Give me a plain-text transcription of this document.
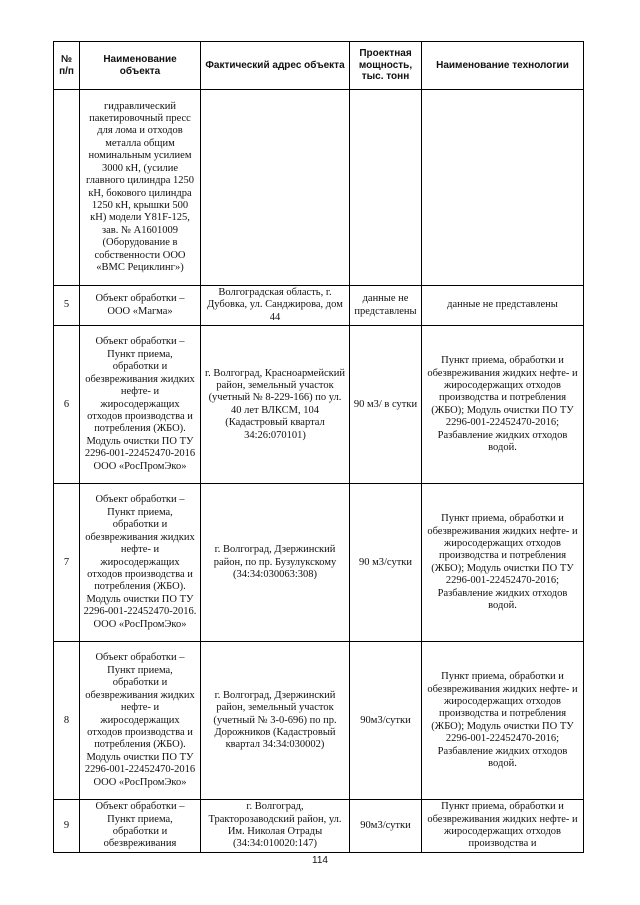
№ п/п	Наименование объекта	Фактический адрес объекта	Проектная мощность, тыс. тонн	Наименование технологии
	гидравлический пакетировочный пресс для лома и отходов металла общим номинальным усилием 3000 кН, (усилие главного цилиндра 1250 кН, бокового цилиндра 1250 кН, крышки 500 кН) модели Y81F-125, зав. № A1601009 (Оборудование в собственности ООО «ВМС Рециклинг»)			
5	Объект обработки – ООО «Магма»	Волгоградская область, г. Дубовка, ул. Санджирова, дом 44	данные не представлены	данные не представлены
6	Объект обработки – Пункт приема, обработки и обезвреживания жидких нефте- и жиросодержащих отходов производства и потребления (ЖБО). Модуль очистки ПО ТУ 2296-001-22452470-2016 ООО «РосПромЭко»	г. Волгоград, Красноармейский район, земельный участок (учетный № 8-229-166) по ул. 40 лет ВЛКСМ, 104 (Кадастровый квартал 34:26:070101)	90 м3/ в сутки	Пункт приема, обработки и обезвреживания жидких нефте- и жиросодержащих отходов производства и потребления (ЖБО); Модуль очистки ПО ТУ 2296-001-22452470-2016; Разбавление жидких отходов водой.
7	Объект обработки – Пункт приема, обработки и обезвреживания жидких нефте- и жиросодержащих отходов производства и потребления (ЖБО). Модуль очистки ПО ТУ 2296-001-22452470-2016. ООО «РосПромЭко»	г. Волгоград, Дзержинский район, по пр. Бузулукскому (34:34:030063:308)	90 м3/сутки	Пункт приема, обработки и обезвреживания жидких нефте- и жиросодержащих отходов производства и потребления (ЖБО); Модуль очистки ПО ТУ 2296-001-22452470-2016; Разбавление жидких отходов водой.
8	Объект обработки – Пункт приема, обработки и обезвреживания жидких нефте- и жиросодержащих отходов производства и потребления (ЖБО). Модуль очистки ПО ТУ 2296-001-22452470-2016 ООО «РосПромЭко»	г. Волгоград, Дзержинский район, земельный участок (учетный № 3-0-696) по пр. Дорожников (Кадастровый квартал 34:34:030002)	90м3/сутки	Пункт приема, обработки и обезвреживания жидких нефте- и жиросодержащих отходов производства и потребления (ЖБО); Модуль очистки ПО ТУ 2296-001-22452470-2016; Разбавление жидких отходов водой.
9	Объект обработки – Пункт приема, обработки и обезвреживания	г. Волгоград, Тракторозаводский район, ул. Им. Николая Отрады (34:34:010020:147)	90м3/сутки	Пункт приема, обработки и обезвреживания жидких нефте- и жиросодержащих отходов производства и
114
